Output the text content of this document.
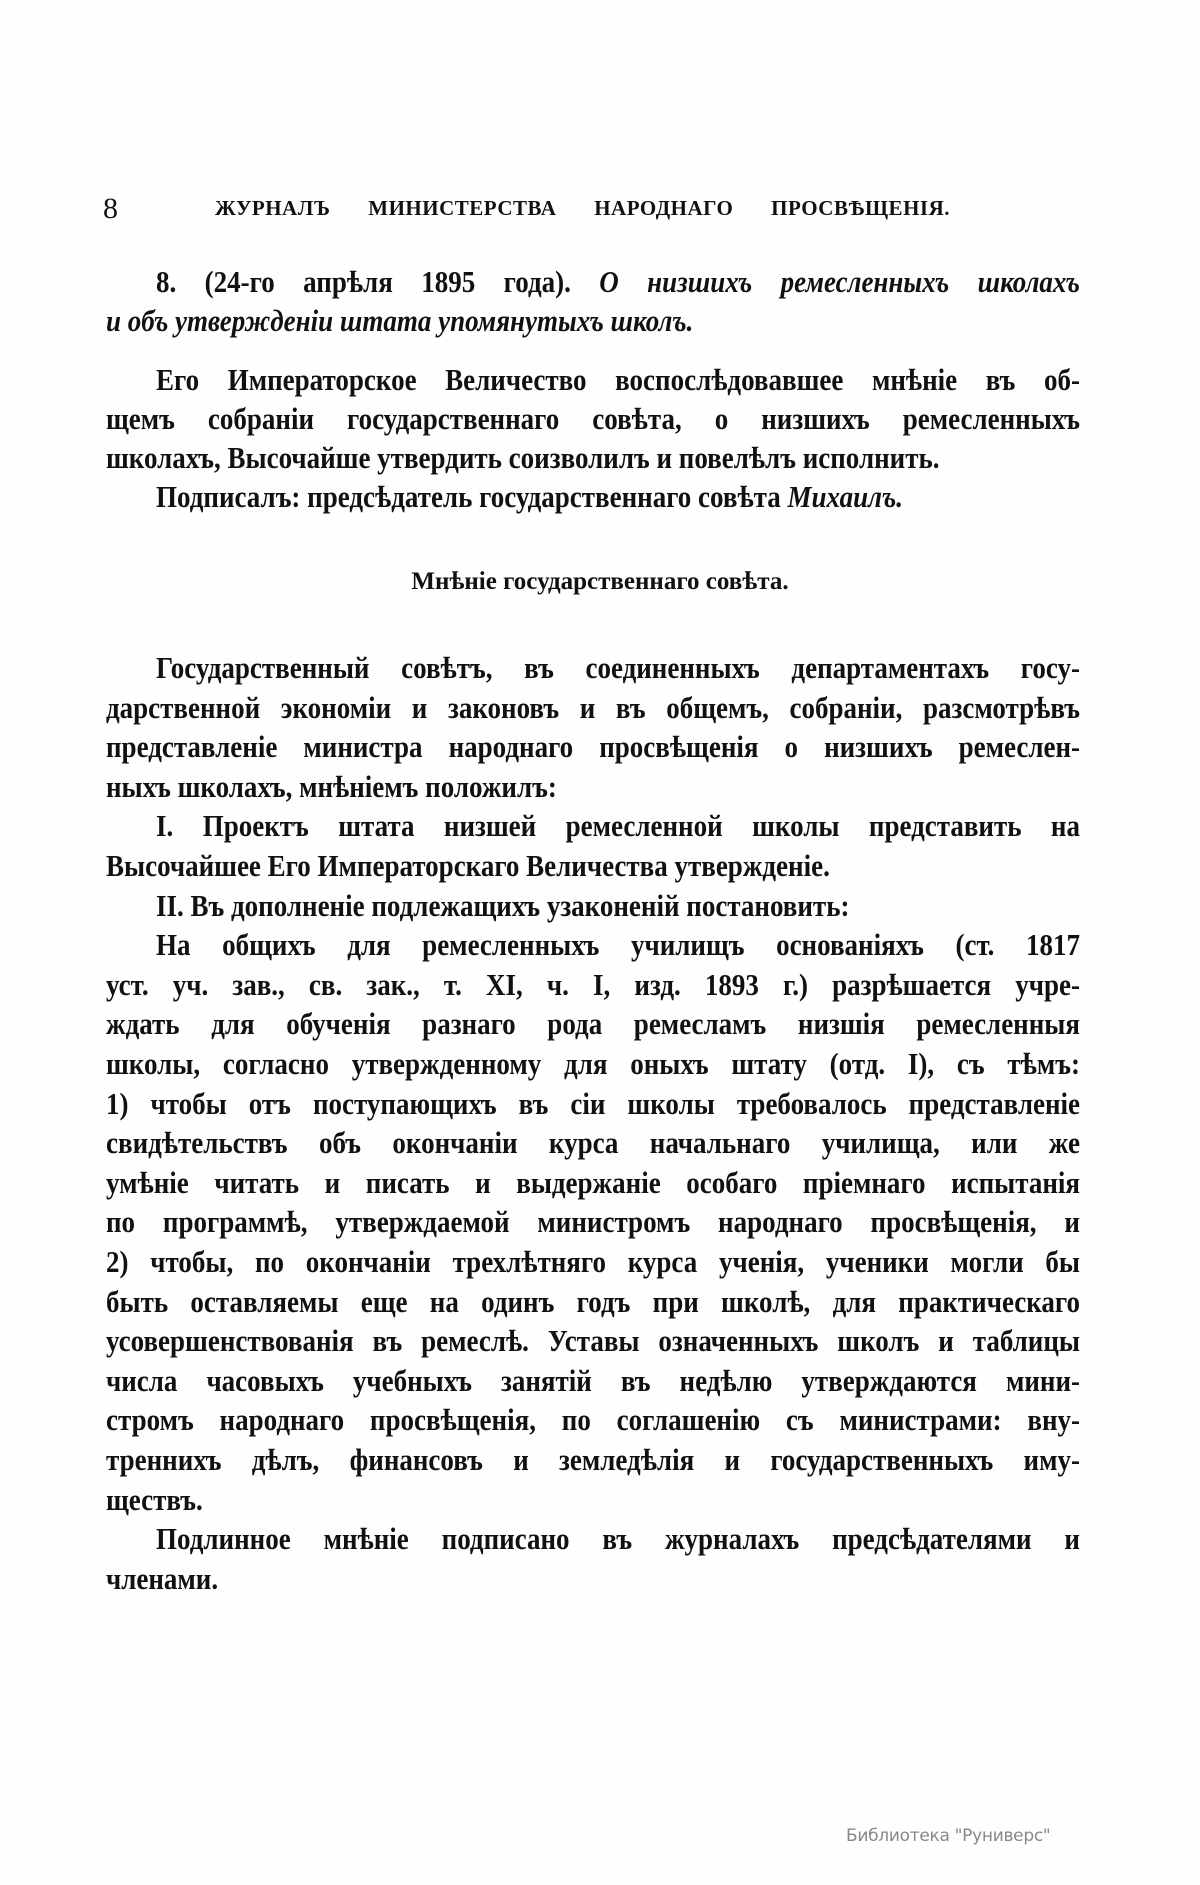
8	ЖУРНАЛЪ МИНИСТЕРСТВА НАРОДНАГО ПРОСВѢЩЕНІЯ.
Мнѣніе государственнаго совѣта.
8. (24-го апрѣля 1895 года). О низшихъ ремесленныхъ школахъ
и объ утвержденіи штата упомянутыхъ школъ.
Его Императорское Величество воспослѣдовавшее мнѣніе въ об-
щемъ собраніи государственнаго совѣта, о низшихъ ремесленныхъ
школахъ, Высочайше утвердить соизволилъ и повелѣлъ исполнить.
Подписалъ: предсѣдатель государственнаго совѣта Михаилъ.
Государственный совѣтъ, въ соединенныхъ департаментахъ госу-
дарственной экономіи и законовъ и въ общемъ, собраніи, разсмотрѣвъ
представленіе министра народнаго просвѣщенія о низшихъ ремеслен-
ныхъ школахъ, мнѣніемъ положилъ:
I. Проектъ штата низшей ремесленной школы представить на
Высочайшее Его Императорскаго Величества утвержденіе.
II. Въ дополненіе подлежащихъ узаконеній постановить:
На общихъ для ремесленныхъ училищъ основаніяхъ (ст. 1817
уст. уч. зав., св. зак., т. XI, ч. I, изд. 1893 г.) разрѣшается учре-
ждать для обученія разнаго рода ремесламъ низшія ремесленныя
школы, согласно утвержденному для оныхъ штату (отд. I), съ тѣмъ:
1) чтобы отъ поступающихъ въ сіи школы требовалось представленіе
свидѣтельствъ объ окончаніи курса начальнаго училища, или же
умѣніе читать и писать и выдержаніе особаго пріемнаго испытанія
по программѣ, утверждаемой министромъ народнаго просвѣщенія, и
2) чтобы, по окончаніи трехлѣтняго курса ученія, ученики могли бы
быть оставляемы еще на одинъ годъ при школѣ, для практическаго
усовершенствованія въ ремеслѣ. Уставы означенныхъ школъ и таблицы
числа часовыхъ учебныхъ занятій въ недѣлю утверждаются мини-
стромъ народнаго просвѣщенія, по соглашенію съ министрами: вну-
треннихъ дѣлъ, финансовъ и земледѣлія и государственныхъ иму-
ществъ.
Подлинное мнѣніе подписано въ журналахъ предсѣдателями и
членами.
Библиотека "Руниверс"
